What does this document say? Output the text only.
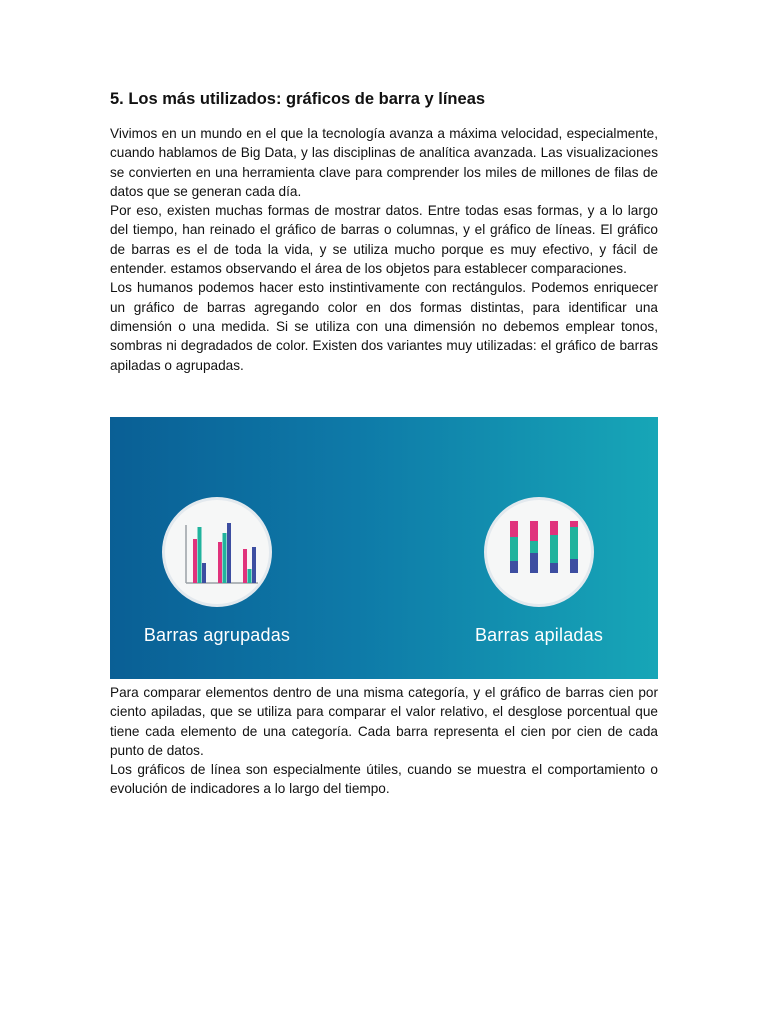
5. Los más utilizados: gráficos de barra y líneas

Vivimos en un mundo en el que la tecnología avanza a máxima velocidad, especialmente, cuando hablamos de Big Data, y las disciplinas de analítica avanzada. Las visualizaciones se convierten en una herramienta clave para comprender los miles de millones de filas de datos que se generan cada día.

Por eso, existen muchas formas de mostrar datos. Entre todas esas formas, y a lo largo del tiempo, han reinado el gráfico de barras o columnas, y el gráfico de líneas. El gráfico de barras es el de toda la vida, y se utiliza mucho porque es muy efectivo, y fácil de entender. estamos observando el área de los objetos para establecer comparaciones.

Los humanos podemos hacer esto instintivamente con rectángulos. Podemos enriquecer un gráfico de barras agregando color en dos formas distintas, para identificar una dimensión o una medida. Si se utiliza con una dimensión no debemos emplear tonos, sombras ni degradados de color. Existen dos variantes muy utilizadas: el gráfico de barras apiladas o agrupadas.

Barras agrupadas	Barras apiladas

Para comparar elementos dentro de una misma categoría, y el gráfico de barras cien por ciento apiladas, que se utiliza para comparar el valor relativo, el desglose porcentual que tiene cada elemento de una categoría. Cada barra representa el cien por cien de cada punto de datos.

Los gráficos de línea son especialmente útiles, cuando se muestra el comportamiento o evolución de indicadores a lo largo del tiempo.
